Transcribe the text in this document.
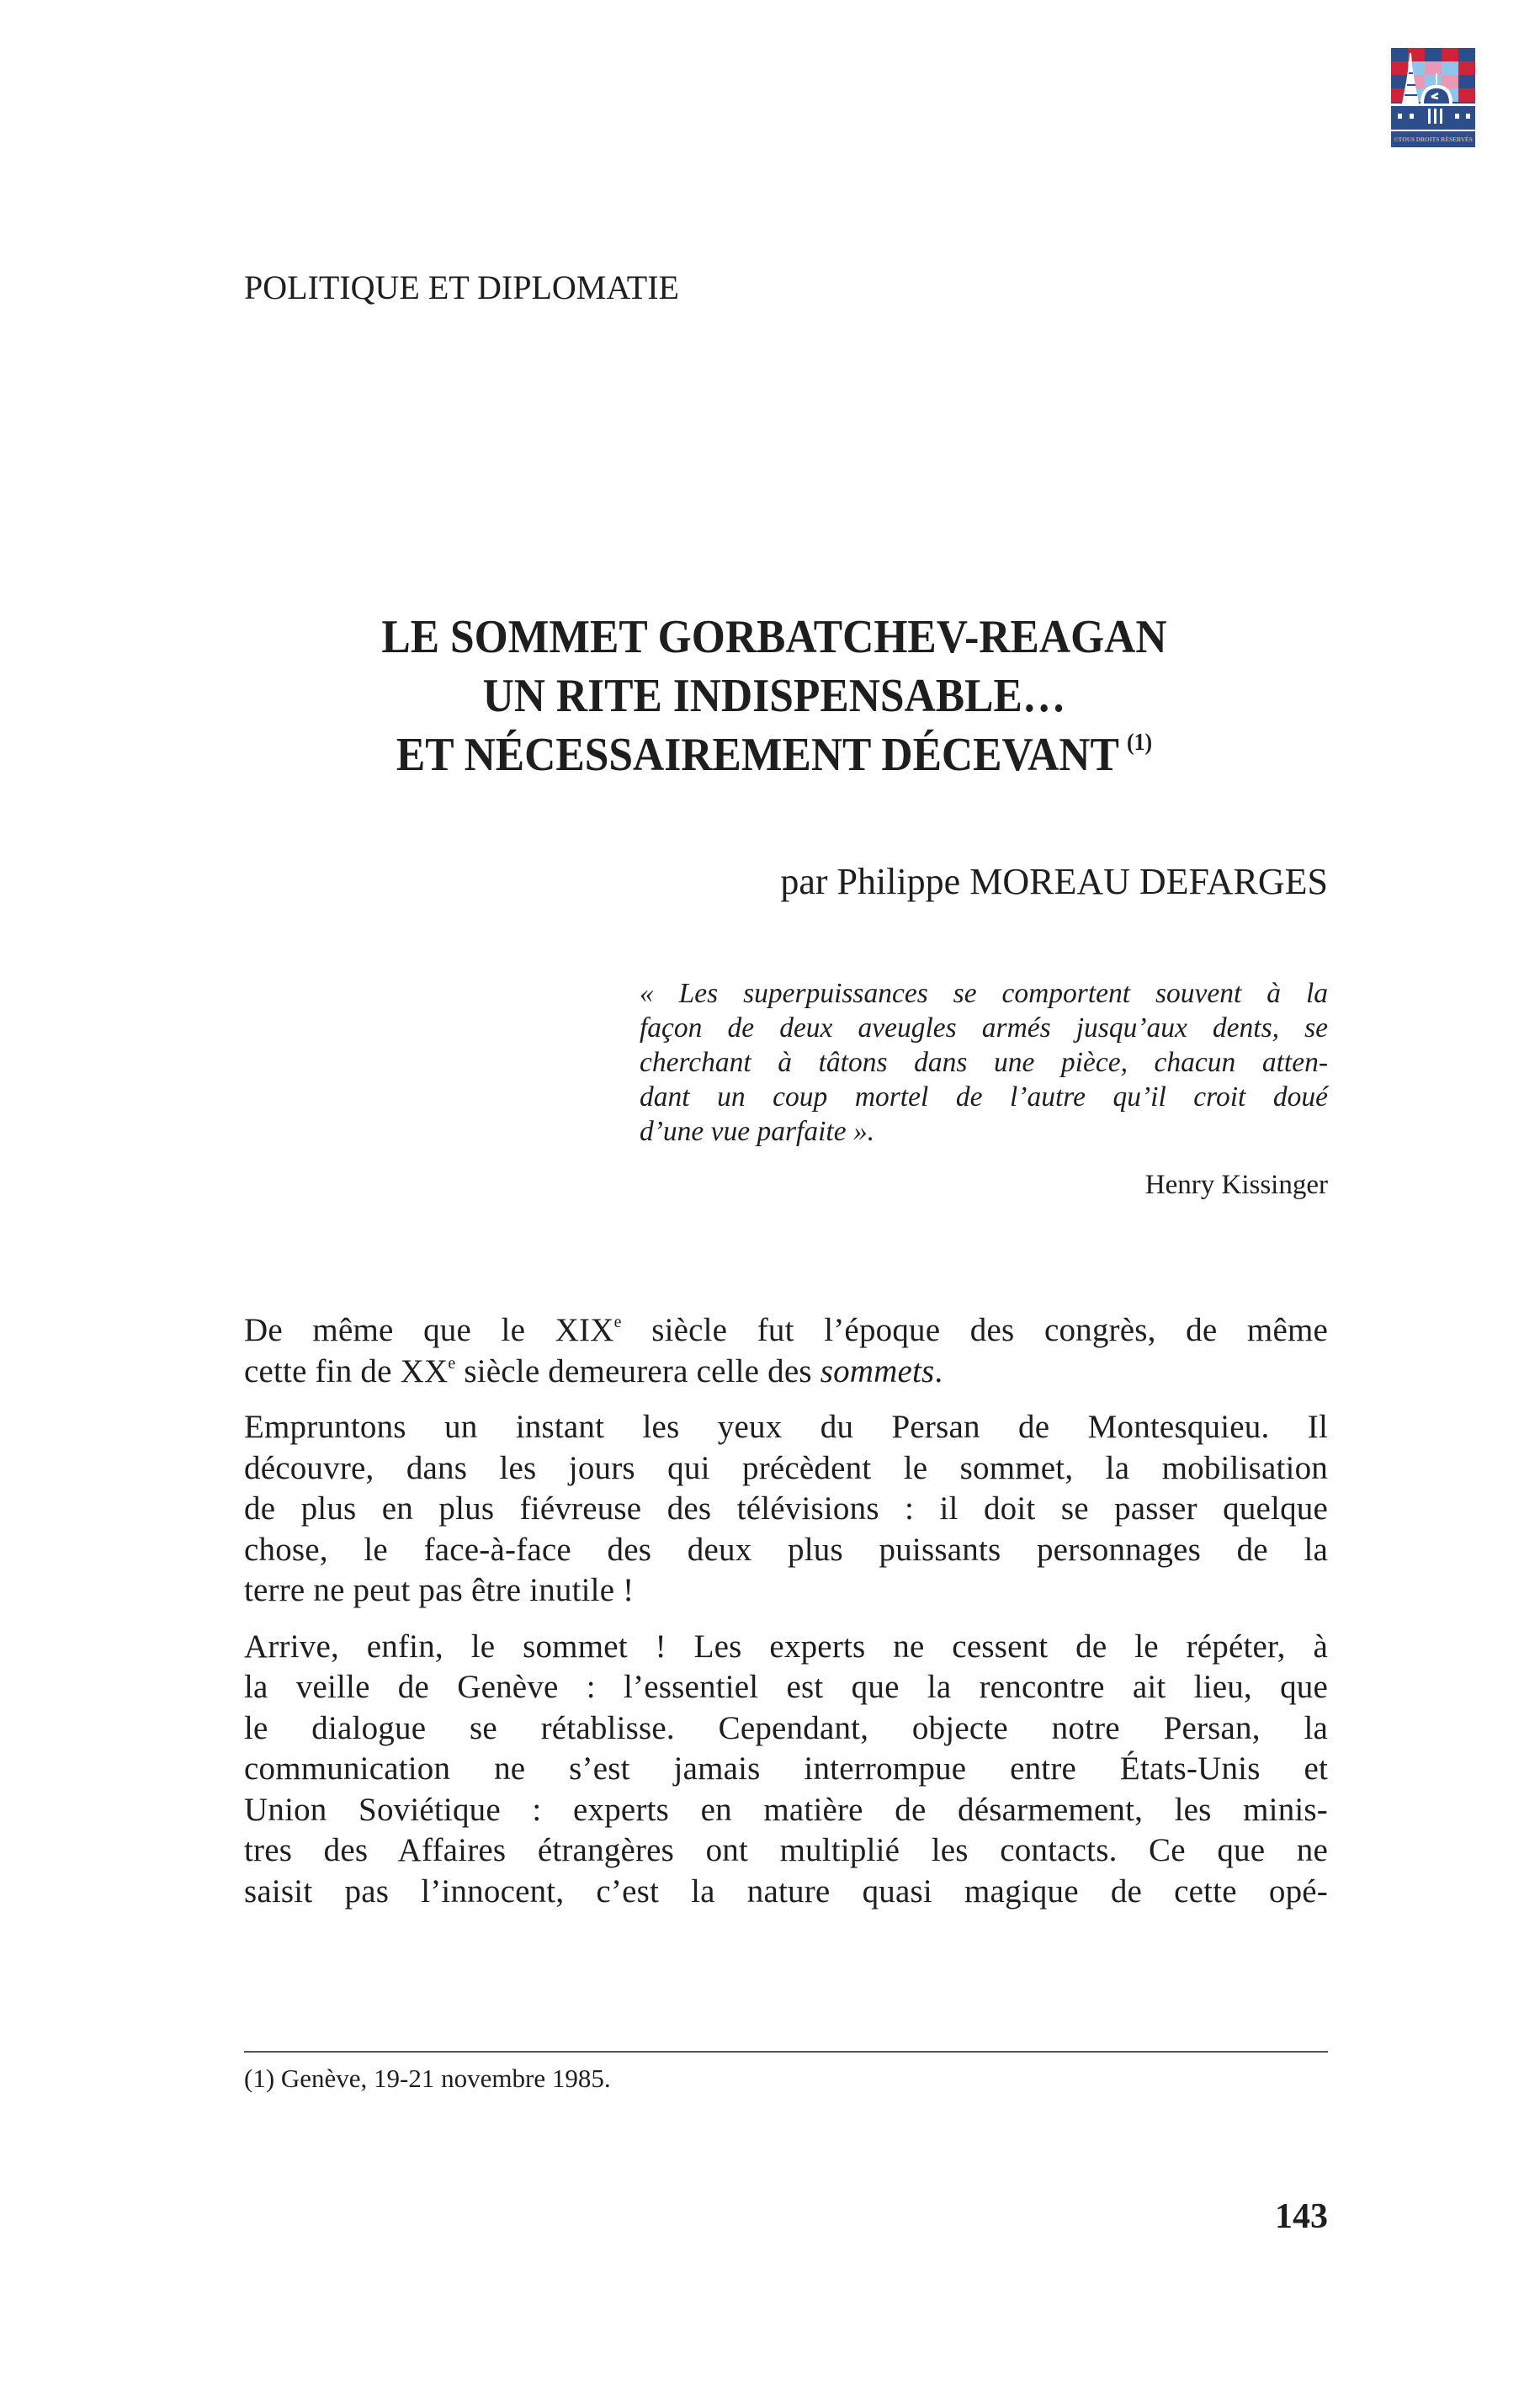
©TOUS DROITS RÉSERVÉS
POLITIQUE ET DIPLOMATIE
LE SOMMET GORBATCHEV-REAGAN
UN RITE INDISPENSABLE…
ET NÉCESSAIREMENT DÉCEVANT $^{(1)}$
par Philippe MOREAU DEFARGES
« Les superpuissances se comportent souvent à la
façon de deux aveugles armés jusqu’aux dents, se
cherchant à tâtons dans une pièce, chacun atten-
dant un coup mortel de l’autre qu’il croit doué
d’une vue parfaite ».
Henry Kissinger
De même que le XIXe siècle fut l’époque des congrès, de même
cette fin de XXe siècle demeurera celle des sommets.
Empruntons un instant les yeux du Persan de Montesquieu. Il
découvre, dans les jours qui précèdent le sommet, la mobilisation
de plus en plus fiévreuse des télévisions : il doit se passer quelque
chose, le face-à-face des deux plus puissants personnages de la
terre ne peut pas être inutile !
Arrive, enfin, le sommet ! Les experts ne cessent de le répéter, à
la veille de Genève : l’essentiel est que la rencontre ait lieu, que
le dialogue se rétablisse. Cependant, objecte notre Persan, la
communication ne s’est jamais interrompue entre États-Unis et
Union Soviétique : experts en matière de désarmement, les minis-
tres des Affaires étrangères ont multiplié les contacts. Ce que ne
saisit pas l’innocent, c’est la nature quasi magique de cette opé-
(1) Genève, 19-21 novembre 1985.
143
